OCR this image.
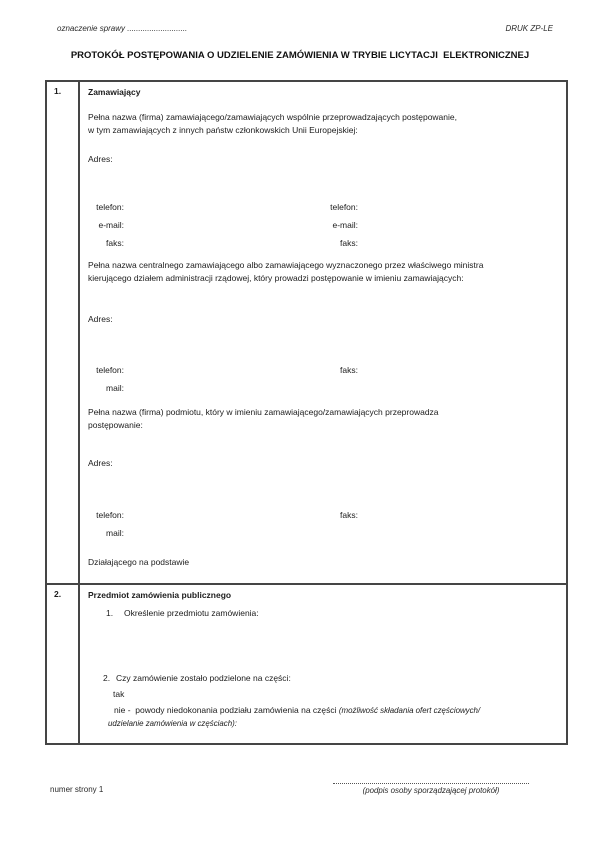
oznaczenie sprawy ...........................	DRUK ZP-LE
PROTOKÓŁ POSTĘPOWANIA O UDZIELENIE ZAMÓWIENIA W TRYBIE LICYTACJI  ELEKTRONICZNEJ
1.	Zamawiający
Pełna nazwa (firma) zamawiającego/zamawiających wspólnie przeprowadzających postępowanie,
w tym zamawiających z innych państw członkowskich Unii Europejskiej:
Adres:
telefon:	telefon:
e-mail:	e-mail:
faks:	faks:
Pełna nazwa centralnego zamawiającego albo zamawiającego wyznaczonego przez właściwego ministra
kierującego działem administracji rządowej, który prowadzi postępowanie w imieniu zamawiających:
Adres:
telefon:	faks:
mail:
Pełna nazwa (firma) podmiotu, który w imieniu zamawiającego/zamawiających przeprowadza
postępowanie:
Adres:
telefon:	faks:
mail:
Działającego na podstawie
2.	Przedmiot zamówienia publicznego
1. Określenie przedmiotu zamówienia:
2. Czy zamówienie zostało podzielone na części:
tak
nie -  powody niedokonania podziału zamówienia na części (możliwość składania ofert częściowych/
udzielanie zamówienia w częściach):
numer strony 1	(podpis osoby sporządzającej protokół)
